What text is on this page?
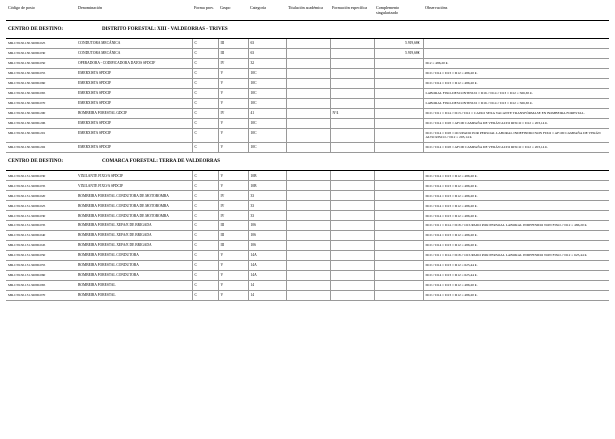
Código de posto	Denominación	Forma prov.	Grupo	Categoría	Titulación académica	Formación específica	Complemento singularizado	Observacións
CENTRO DE DESTINO:	DISTRITO FORESTAL: XIII - VALDEORRAS - TRIVES							
MR.C59.50.130.32090.025	CONDUTORA MECÁNICA	C	III	63			5.919,68€	
MR.C59.50.130.32090.030	CONDUTORA MECÁNICA	C	III	63			5.919,68€	
MR.C59.50.130.32090.050	OPERADORA - CODIFICADORA DATOS SFDCIF	C	IV	32				D12 = 486,20 €.
MR.C59.50.130.32090.055	EMERXISTA SPDCIF	C	V	10C				D10 // D14 // D13 // D12 = 486,20 €.
MR.C59.50.130.32090.060	EMERXISTA SPDCIF	C	V	10C				D10 // D14 // D13 // D12 = 486,20 €.
MR.C59.50.130.32090.065	EMERXISTA SPDCIF	C	V	10C				LABORAL FIXO-DESCONTINUO // D16 // D14 // D13 // D12 = 566,65 €.
MR.C59.50.130.32090.070	EMERXISTA SPDCIF	C	V	10C				LABORAL FIXO-DESCONTINUO // D16 // D14 // D13 // D12 = 566,65 €.
MR.C59.50.130.32090.200	BOMBEIRA FORESTAL GDCIF	C	IV	41		N°4		D10 // D11 // D14 // D13 // D12 // CAIXO SEXA VACANTE TRANSFÓRMASE EN BOMBEIRA FORESTAL.
MR.C59.50.130.32090.206	EMERXISTA SPDCIF	C	V	10C				D10 // D14 // D18 // AF100 CAMPAÑA DE VERÁN ALTO RISCO // D12 = 203,14 €.
MR.C59.50.130.32090.201	EMERXISTA SPDCIF	C	V	10C				D10 // D14 // D18 // OCUPADO POR PERSOAL LABORAL INDEFINIDO NON FIXO // AF100 CAMPAÑA DE VERÁN ALTO RISCO // D12 = 203,14 €.
MR.C59.50.130.32090.202	EMERXISTA SPDCIF	C	V	10C				D10 // D14 // D18 // AF100 CAMPAÑA DE VERÁN ALTO RISCO // D12 = 203,14 €.
CENTRO DE DESTINO:	COMARCA FORESTAL: TERRA DE VALDEORRAS							
MR.C59.50.131.32090.030	VIXILANTE FIXO/A SPDCIF	C	V	10B				D10 // D14 // D13 // D12 = 486,20 €.
MR.C59.50.131.32090.035	VIXILANTE FIXO/A SPDCIF	C	V	10B				D10 // D14 // D13 // D12 = 486,20 €.
MR.C59.50.131.32090.020	BOMBEIRA FORESTAL CONDUTORA DE MOTOBOMBA	C	IV	33				D10 // D14 // D13 // D12 = 486,20 €.
MR.C59.50.131.32090.025	BOMBEIRA FORESTAL CONDUTORA DE MOTOBOMBA	C	IV	33				D10 // D14 // D13 // D12 = 486,20 €.
MR.C59.50.131.32090.030	BOMBEIRA FORESTAL CONDUTORA DE MOTOBOMBA	C	IV	33				D10 // D14 // D13 // D12 = 486,20 €.
MR.C59.50.131.32090.035	BOMBEIRA FORESTAL XEFA/E DE BRIGADA	C	III	106				D10 // D11 // D14 // D18 // OCUPADO POR PERSOAL LABORAL INDEFINIDO NON FIXO // D12 = 486,20 €.
MR.C59.50.131.32090.040	BOMBEIRA FORESTAL XEFA/E DE BRIGADA	C	III	106				D10 // D14 // D13 // D12 = 486,20 €.
MR.C59.50.131.32090.045	BOMBEIRA FORESTAL XEFA/E DE BRIGADA	C	III	106				D10 // D14 // D13 // D12 = 486,20 €.
MR.C59.50.131.32090.050	BOMBEIRA FORESTAL CONDUTORA	C	V	14A				D10 // D11 // D14 // D18 // OCUPADO POR PERSOAL LABORAL INDEFINIDO NON FIXO // D12 = 625,44 €.
MR.C59.50.131.32090.055	BOMBEIRA FORESTAL CONDUTORA	C	V	14A				D10 // D14 // D13 // D12 = 625,44 €.
MR.C59.50.131.32090.060	BOMBEIRA FORESTAL CONDUTORA	C	V	14A				D10 // D14 // D13 // D12 = 625,44 €.
MR.C59.50.131.32090.065	BOMBEIRA FORESTAL	C	V	14				D10 // D14 // D13 // D12 = 486,20 €.
MR.C59.50.131.32090.070	BOMBEIRA FORESTAL	C	V	14				D10 // D14 // D13 // D12 = 486,20 €.
